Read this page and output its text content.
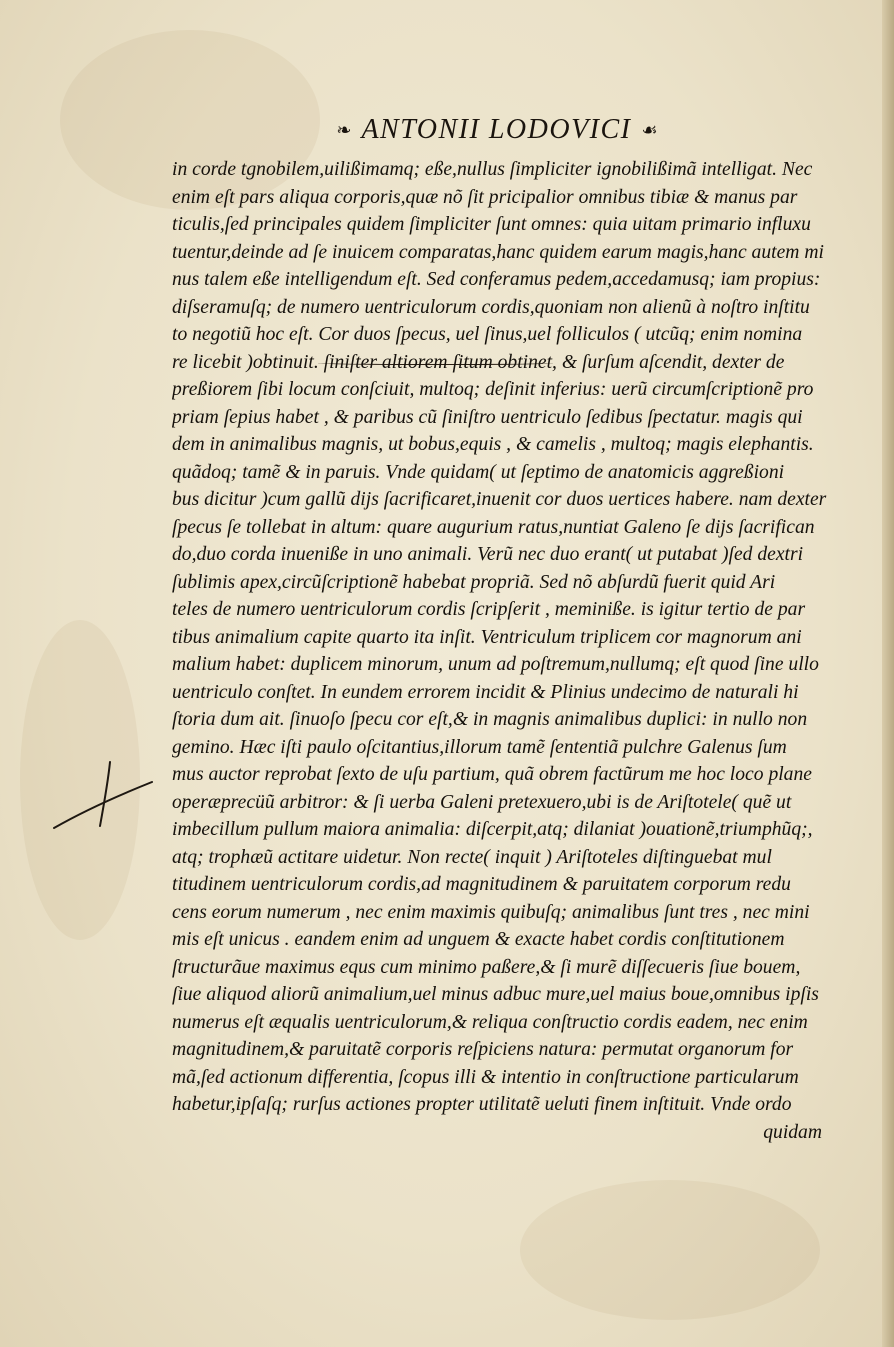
❧ ANTONII LODOVICI ☙
in corde tgnobilem,uilißimamq; eße,nullus ſimpliciter ignobilißimã intelligat. Nec
enim eſt pars aliqua corporis,quæ nõ ſit pricipalior omnibus tibiæ & manus par
ticulis,ſed principales quidem ſimpliciter ſunt omnes: quia uitam primario influxu
tuentur,deinde ad ſe inuicem comparatas,hanc quidem earum magis,hanc autem mi
nus talem eße intelligendum eſt. Sed conferamus pedem,accedamusq; iam propius:
diſseramuſq; de numero uentriculorum cordis,quoniam non alienũ à noſtro inſtitu
to negotiũ hoc eſt. Cor duos ſpecus, uel ſinus,uel folliculos ( utcũq; enim nomina
re licebit )obtinuit. ſiniſter altiorem ſitum obtinet, & ſurſum aſcendit, dexter de
preßiorem ſibi locum conſciuit, multoq; deſinit inferius: uerũ circumſcriptionẽ pro
priam ſepius habet , & paribus cũ ſiniſtro uentriculo ſedibus ſpectatur. magis qui
dem in animalibus magnis, ut bobus,equis , & camelis , multoq; magis elephantis.
quãdoq; tamẽ & in paruis. Vnde quidam( ut ſeptimo de anatomicis aggreßioni
bus dicitur )cum gallũ dijs ſacrificaret,inuenit cor duos uertices habere. nam dexter
ſpecus ſe tollebat in altum: quare augurium ratus,nuntiat Galeno ſe dijs ſacrifican
do,duo corda inueniße in uno animali. Verũ nec duo erant( ut putabat )ſed dextri
ſublimis apex,circũſcriptionẽ habebat propriã. Sed nõ abſurdũ fuerit quid Ari
teles de numero uentriculorum cordis ſcripſerit , meminiße. is igitur tertio de par
tibus animalium capite quarto ita inſit. Ventriculum triplicem cor magnorum ani
malium habet: duplicem minorum, unum ad poſtremum,nullumq; eſt quod ſine ullo
uentriculo conſtet. In eundem errorem incidit & Plinius undecimo de naturali hi
ſtoria dum ait. ſinuoſo ſpecu cor eſt,& in magnis animalibus duplici: in nullo non
gemino. Hæc iſti paulo oſcitantius,illorum tamẽ ſententiã pulchre Galenus ſum
mus auctor reprobat ſexto de uſu partium, quã obrem factũrum me hoc loco plane
operæprecüũ arbitror: & ſi uerba Galeni pretexuero,ubi is de Ariſtotele( quẽ ut
imbecillum pullum maiora animalia: diſcerpit,atq; dilaniat )ouationẽ,triumphũq;,
atq; trophæũ actitare uidetur. Non recte( inquit ) Ariſtoteles diſtinguebat mul
titudinem uentriculorum cordis,ad magnitudinem & paruitatem corporum redu
cens eorum numerum , nec enim maximis quibuſq; animalibus ſunt tres , nec mini
mis eſt unicus . eandem enim ad unguem & exacte habet cordis conſtitutionem
ſtructurãue maximus equs cum minimo paßere,& ſi murẽ diſſecueris ſiue bouem,
ſiue aliquod aliorũ animalium,uel minus adbuc mure,uel maius boue,omnibus ipſis
numerus eſt æqualis uentriculorum,& reliqua conſtructio cordis eadem, nec enim
magnitudinem,& paruitatẽ corporis reſpiciens natura: permutat organorum for
mã,ſed actionum differentia, ſcopus illi & intentio in conſtructione particularum
habetur,ipſaſq; rurſus actiones propter utilitatẽ ueluti finem inſtituit. Vnde ordo
quidam
